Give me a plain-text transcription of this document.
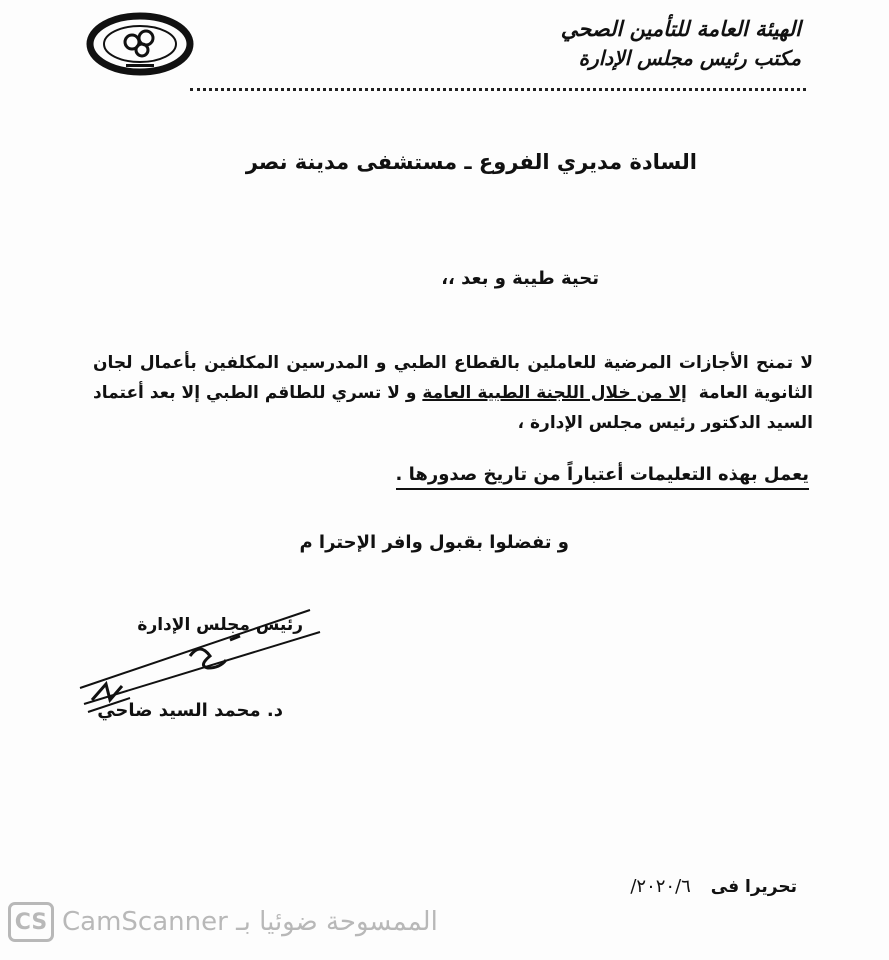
الهيئة العامة للتأمين الصحي
مكتب رئيس مجلس الإدارة
السادة مديري الفروع ـ مستشفى مدينة نصر
تحية طيبة و بعد ،،
لا تمنح الأجازات المرضية للعاملين بالقطاع الطبي و المدرسين المكلفين بأعمال لجان الثانوية العامة  إلا من خلال اللجنة الطبية العامة و لا تسري للطاقم الطبي إلا بعد أعتماد السيد الدكتور رئيس مجلس الإدارة ،
يعمل بهذه التعليمات أعتباراً من تاريخ صدورها .
و تفضلوا بقبول وافر الإحترا م
رئيس مجلس الإدارة
د. محمد السيد ضاحي
تحريرا فى ٢٠٢٠/٦/
CS CamScanner الممسوحة ضوئيا بـ
